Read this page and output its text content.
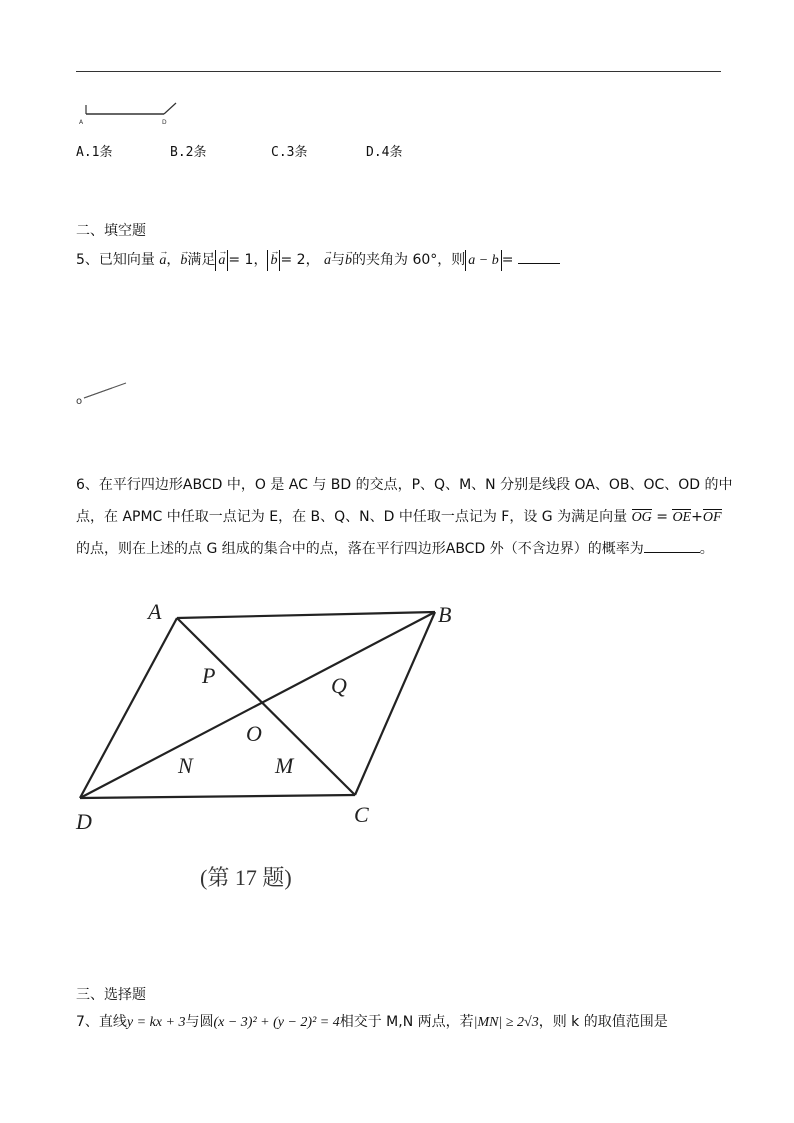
A	D
A.1条	B.2条	C.3条	D.4条
二、填空题
5、已知向量 → a，→ b满足 → a = 1， → b = 2， → a与→ b的夹角为 60°，则 a − b =
o
6、在平行四边形ABCD 中，O 是 AC 与 BD 的交点，P、Q、M、N 分别是线段 OA、OB、OC、OD 的中
点，在 APMC 中任取一点记为 E，在 B、Q、N、D 中任取一点记为 F，设 G 为满足向量 OG = OE+OF
的点，则在上述的点 G 组成的集合中的点，落在平行四边形ABCD 外（不含边界）的概率为	。
A	B
C
D
P	Q
M
N
O
(第 17 题)
三、选择题
7、直线y = kx + 3与圆(x − 3)² + (y − 2)² = 4相交于 M,N 两点，若|MN| ≥ 2√3，则 k 的取值范围是
